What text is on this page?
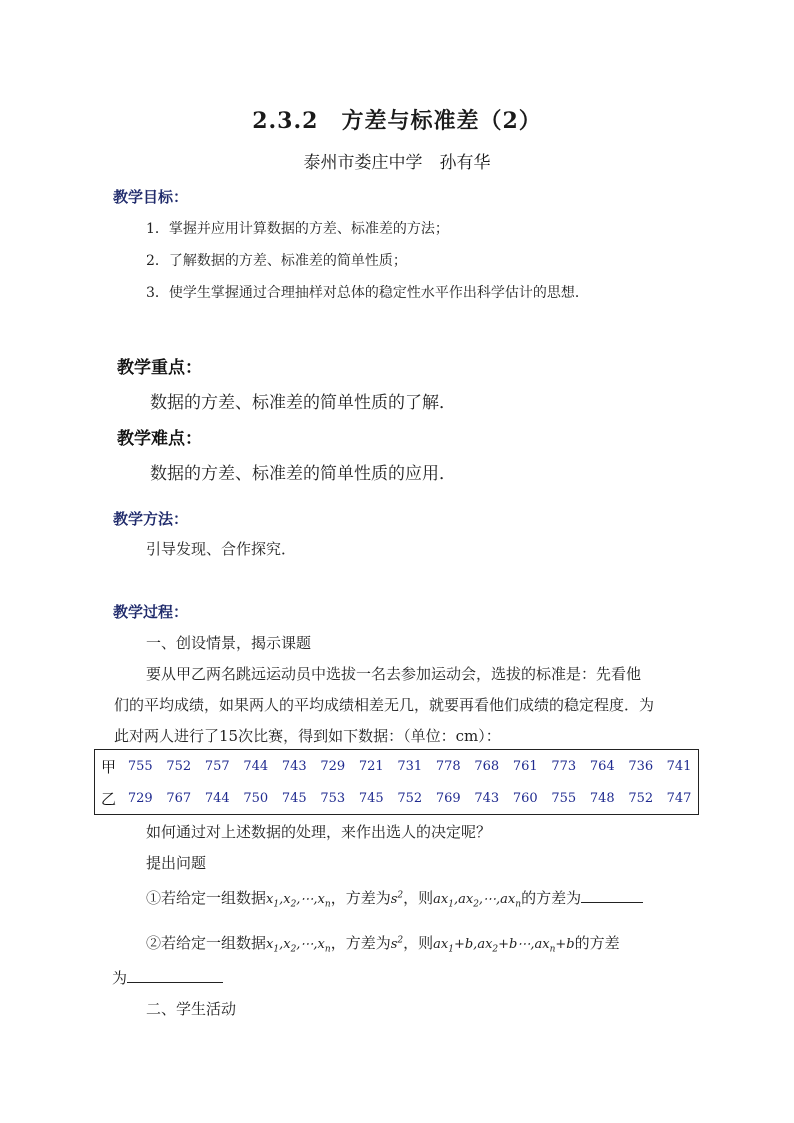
2.3.2　方差与标准差（2）
泰州市娄庄中学　孙有华
教学目标：
1．掌握并应用计算数据的方差、标准差的方法；
2．了解数据的方差、标准差的简单性质；
3．使学生掌握通过合理抽样对总体的稳定性水平作出科学估计的思想．
教学重点：
数据的方差、标准差的简单性质的了解．
教学难点：
数据的方差、标准差的简单性质的应用．
教学方法：
引导发现、合作探究．
教学过程：
一、创设情景，揭示课题
要从甲乙两名跳远运动员中选拔一名去参加运动会，选拔的标准是：先看他
们的平均成绩，如果两人的平均成绩相差无几，就要再看他们成绩的稳定程度．为
此对两人进行了15次比赛，得到如下数据：（单位：cm）：
甲	755	752	757	744	743	729	721	731	778	768	761	773	764	736	741
乙	729	767	744	750	745	753	745	752	769	743	760	755	748	752	747
如何通过对上述数据的处理，来作出选人的决定呢？
提出问题
①若给定一组数据$x_1,x_2,\cdots,x_n$，方差为$s^2$，则$ax_1,ax_2,\cdots,ax_n$的方差为
②若给定一组数据$x_1,x_2,\cdots,x_n$，方差为$s^2$，则$ax_1+b,ax_2+b\cdots,ax_n+b$的方差
为
二、学生活动
